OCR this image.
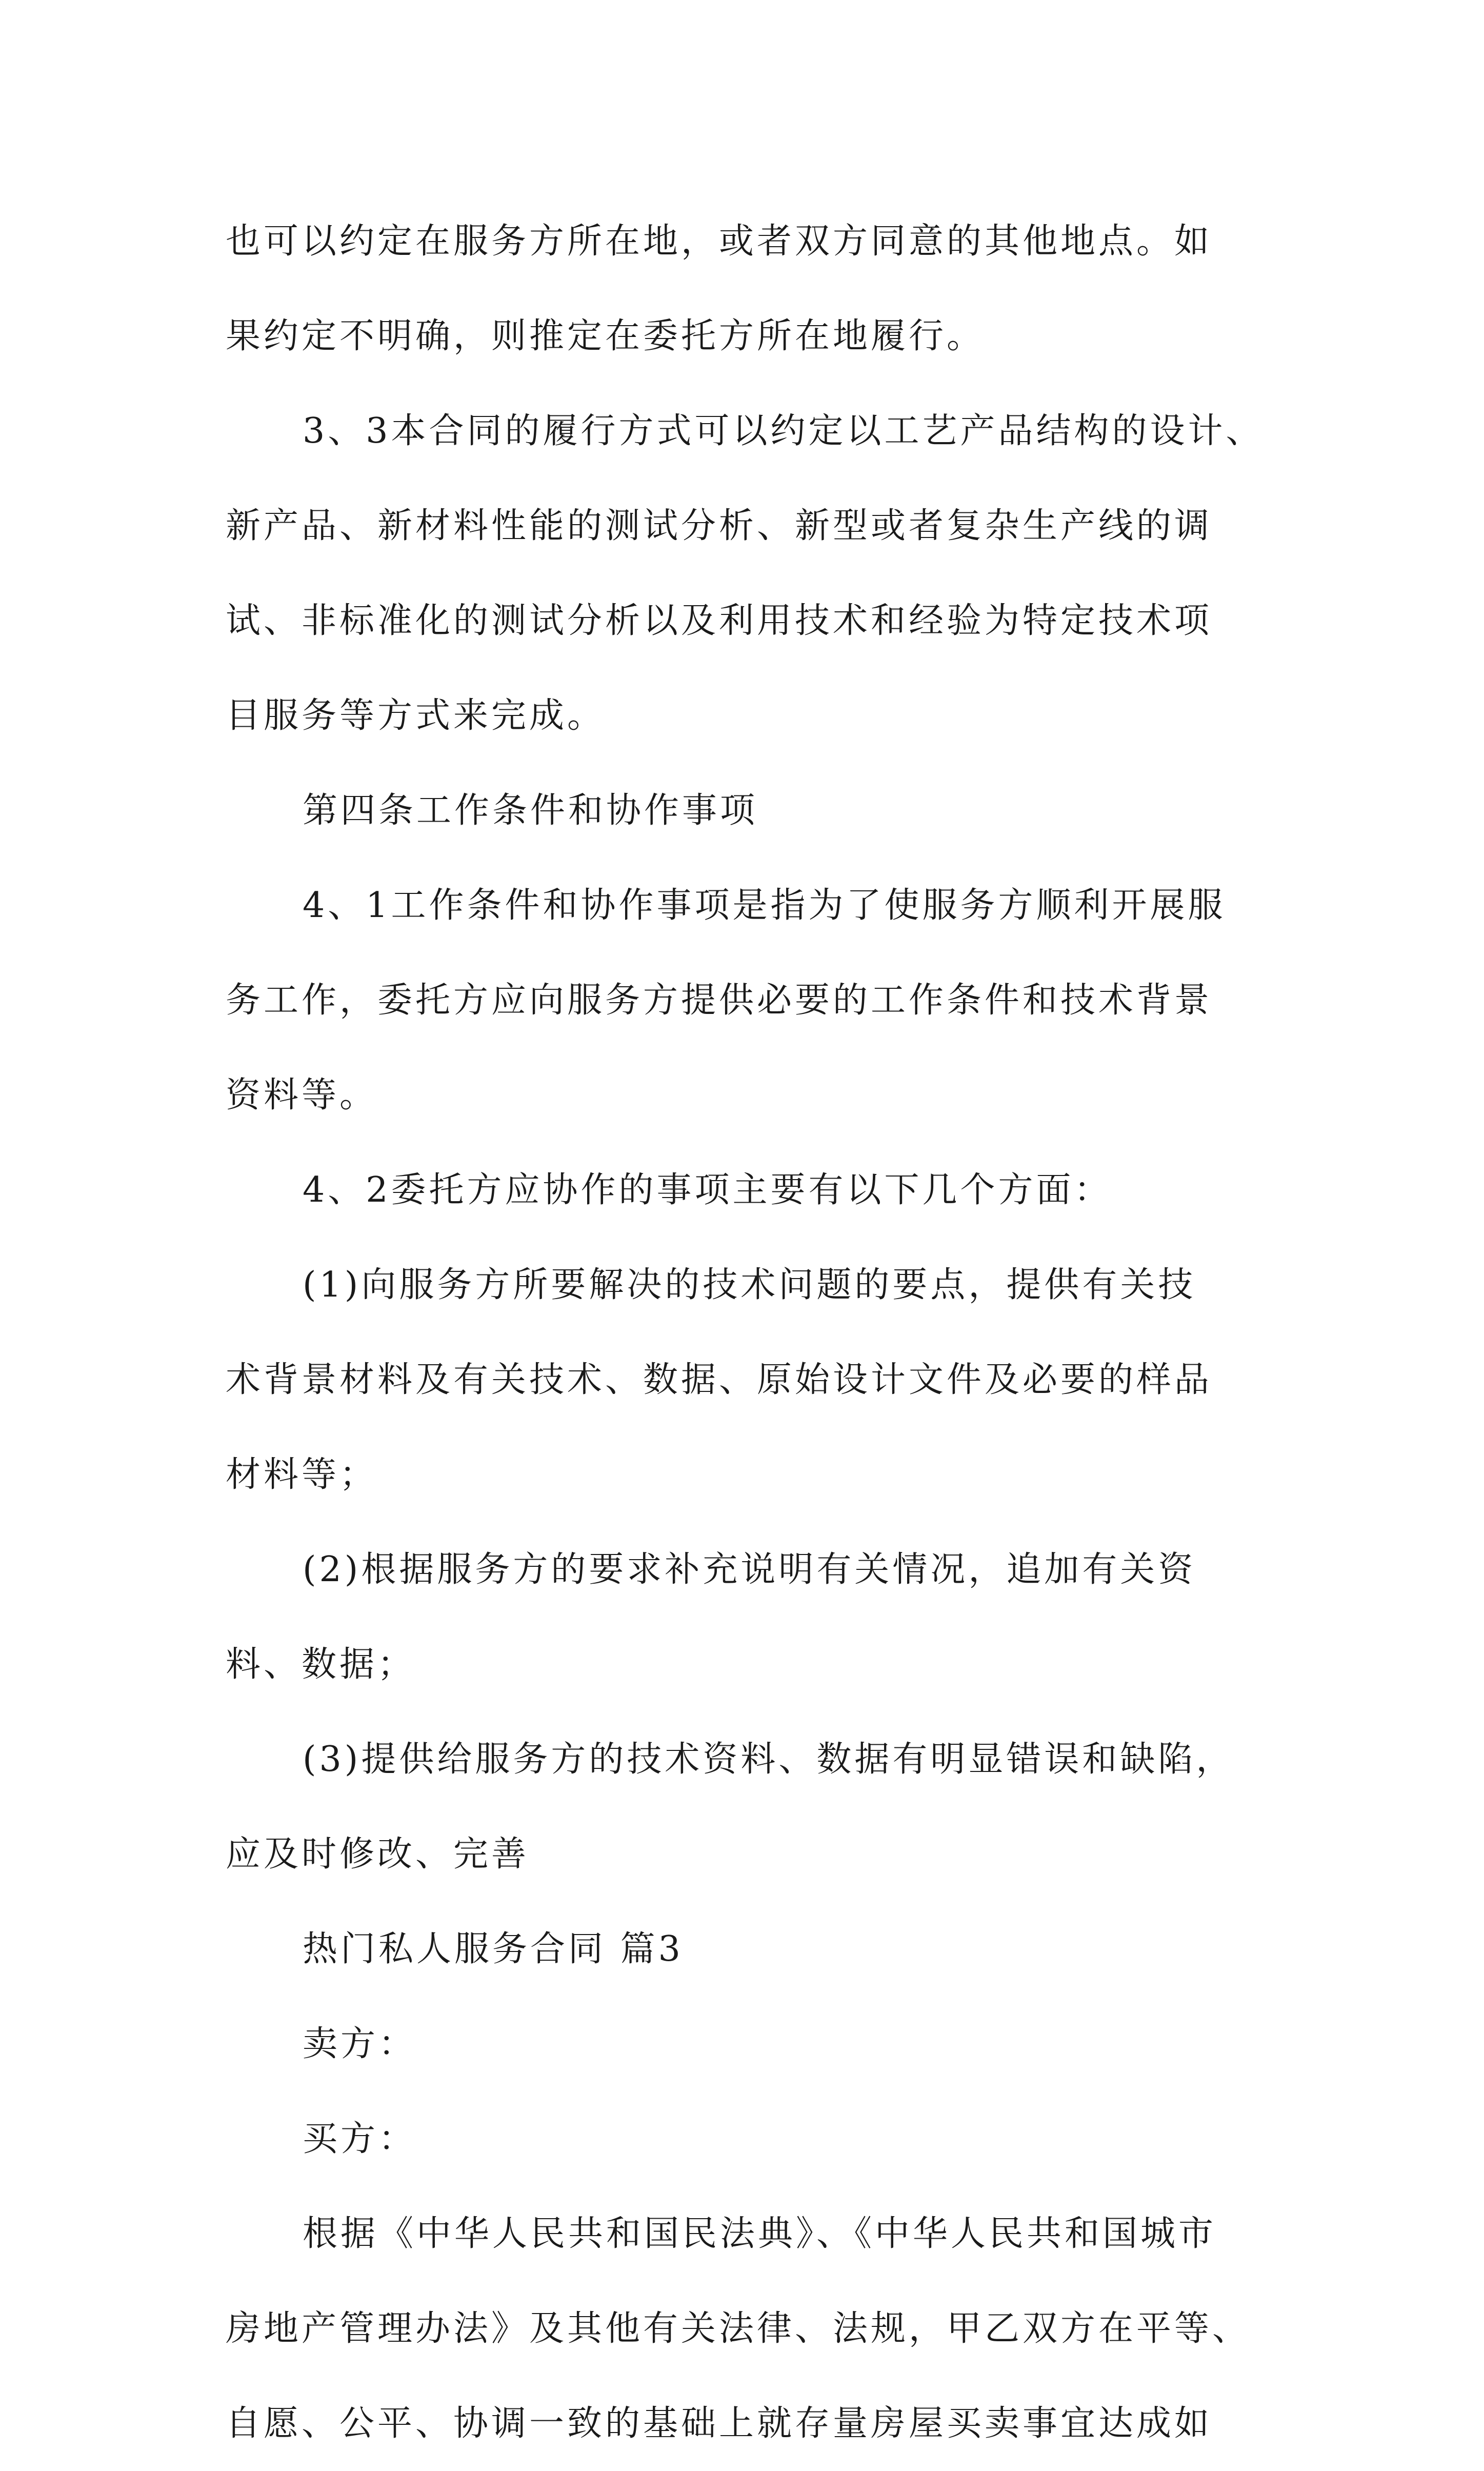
也可以约定在服务方所在地，或者双方同意的其他地点。如
果约定不明确，则推定在委托方所在地履行。

3、3本合同的履行方式可以约定以工艺产品结构的设计、
新产品、新材料性能的测试分析、新型或者复杂生产线的调
试、非标准化的测试分析以及利用技术和经验为特定技术项
目服务等方式来完成。

第四条工作条件和协作事项

4、1工作条件和协作事项是指为了使服务方顺利开展服
务工作，委托方应向服务方提供必要的工作条件和技术背景
资料等。

4、2委托方应协作的事项主要有以下几个方面：

(1)向服务方所要解决的技术问题的要点，提供有关技
术背景材料及有关技术、数据、原始设计文件及必要的样品
材料等；

(2)根据服务方的要求补充说明有关情况，追加有关资
料、数据；

(3)提供给服务方的技术资料、数据有明显错误和缺陷，
应及时修改、完善

热门私人服务合同 篇3

卖方：

买方：

根据《中华人民共和国民法典》、《中华人民共和国城市
房地产管理办法》及其他有关法律、法规，甲乙双方在平等、
自愿、公平、协调一致的基础上就存量房屋买卖事宜达成如
